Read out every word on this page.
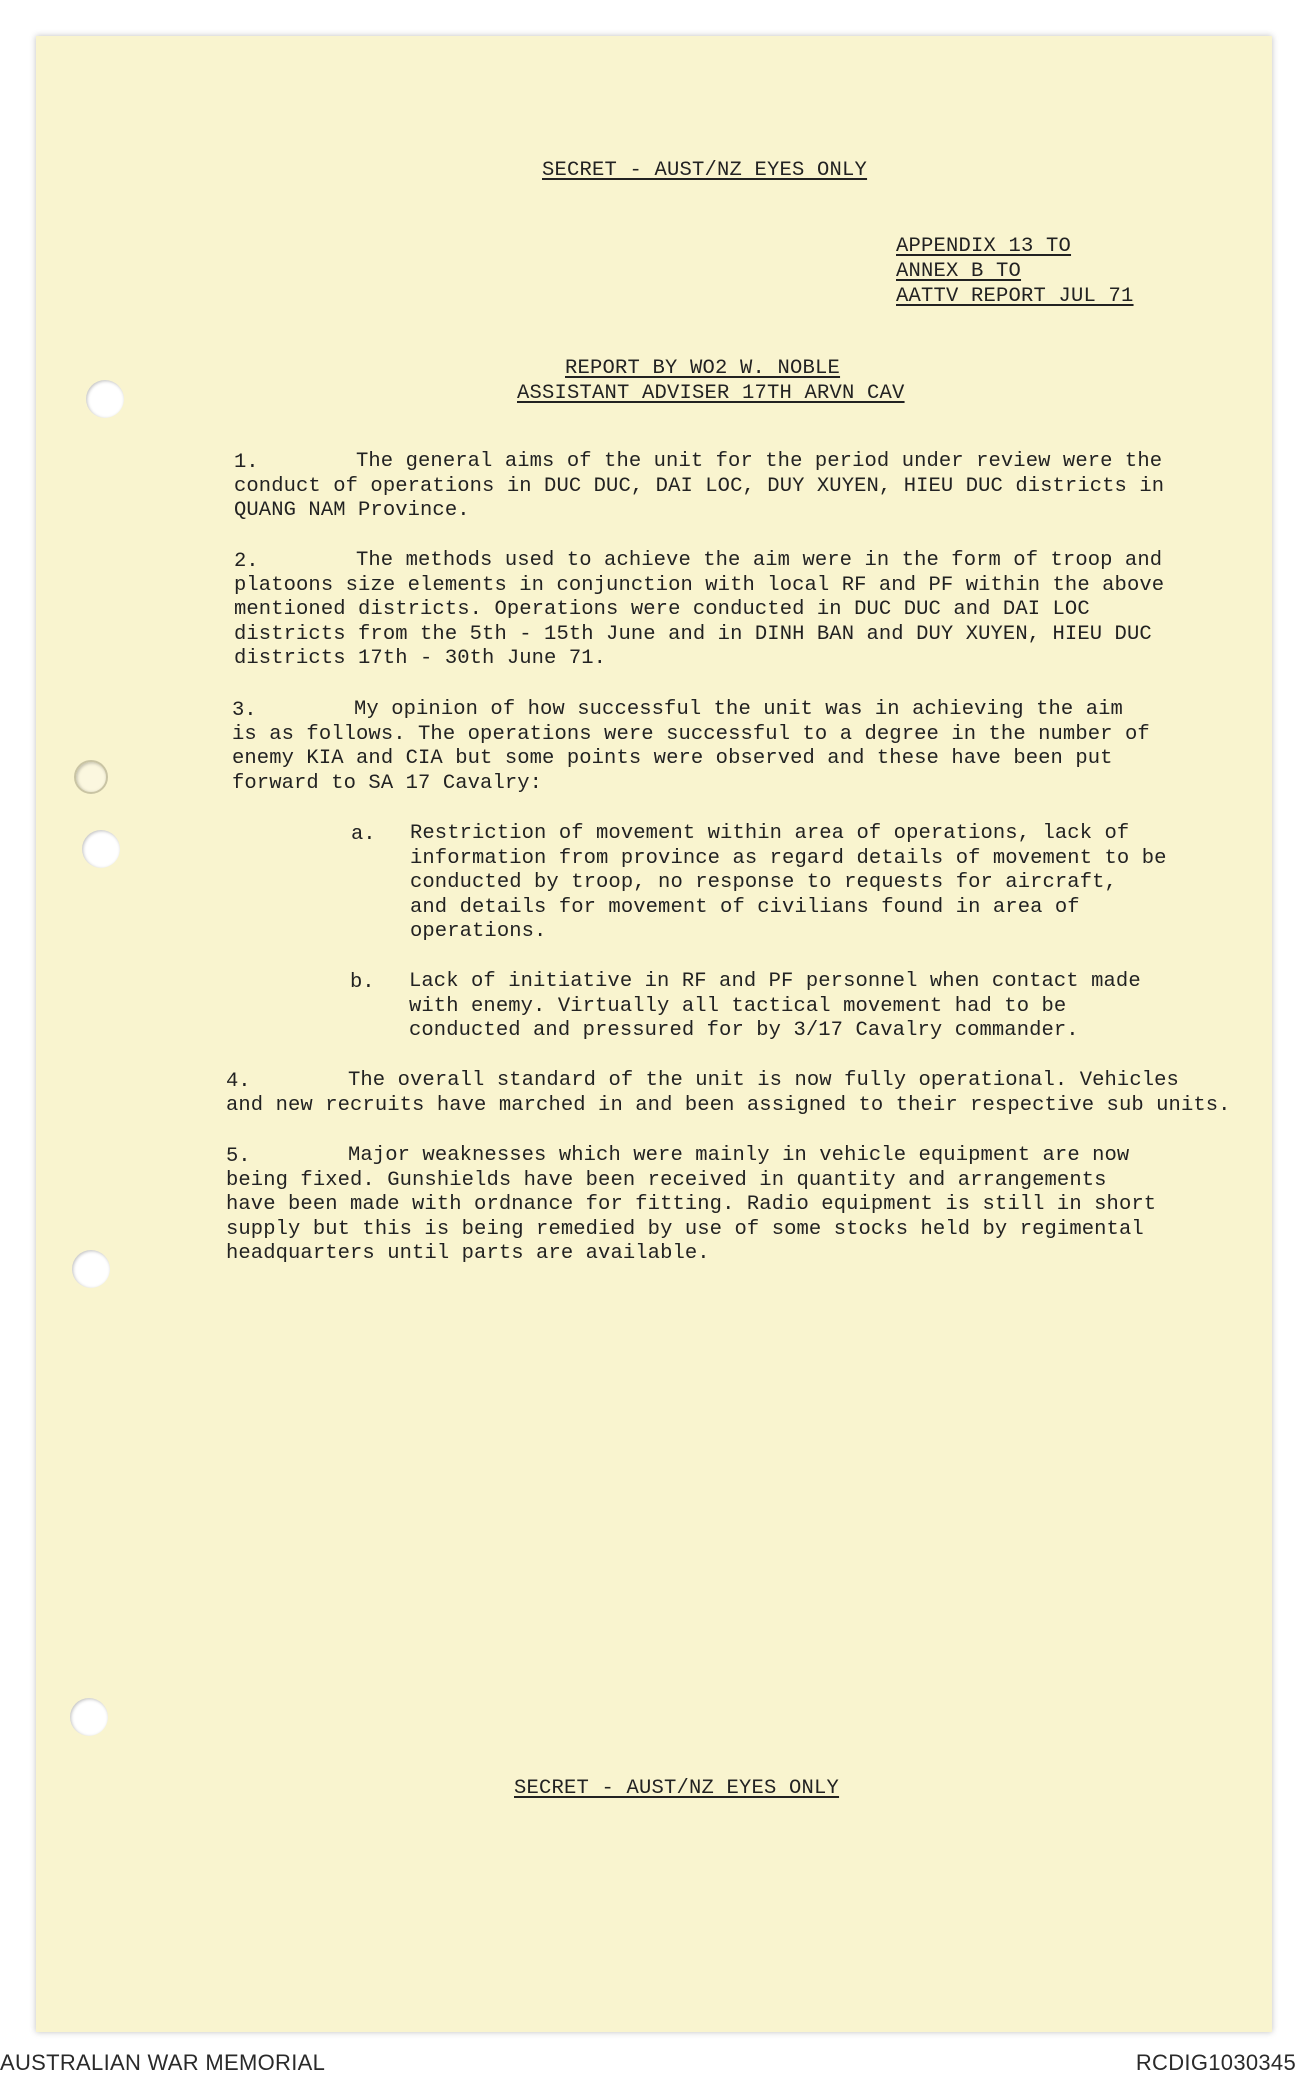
SECRET - AUST/NZ EYES ONLY
APPENDIX 13 TO
ANNEX B TO
AATTV REPORT JUL 71
REPORT BY WO2 W. NOBLE
ASSISTANT ADVISER 17TH ARVN CAV
1.	The general aims of the unit for the period under review were the
conduct of operations in DUC DUC, DAI LOC, DUY XUYEN, HIEU DUC districts in
QUANG NAM Province.
2.	The methods used to achieve the aim were in the form of troop and
platoons size elements in conjunction with local RF and PF within the above
mentioned districts. Operations were conducted in DUC DUC and DAI LOC
districts from the 5th - 15th June and in DINH BAN and DUY XUYEN, HIEU DUC
districts 17th - 30th June 71.
3.	My opinion of how successful the unit was in achieving the aim
is as follows. The operations were successful to a degree in the number of
enemy KIA and CIA but some points were observed and these have been put
forward to SA 17 Cavalry:
a. Restriction of movement within area of operations, lack of
information from province as regard details of movement to be
conducted by troop, no response to requests for aircraft,
and details for movement of civilians found in area of
operations.
b. Lack of initiative in RF and PF personnel when contact made
with enemy. Virtually all tactical movement had to be
conducted and pressured for by 3/17 Cavalry commander.
4.	The overall standard of the unit is now fully operational. Vehicles
and new recruits have marched in and been assigned to their respective sub units.
5.	Major weaknesses which were mainly in vehicle equipment are now
being fixed. Gunshields have been received in quantity and arrangements
have been made with ordnance for fitting. Radio equipment is still in short
supply but this is being remedied by use of some stocks held by regimental
headquarters until parts are available.
SECRET - AUST/NZ EYES ONLY
AUSTRALIAN WAR MEMORIAL	RCDIG1030345
